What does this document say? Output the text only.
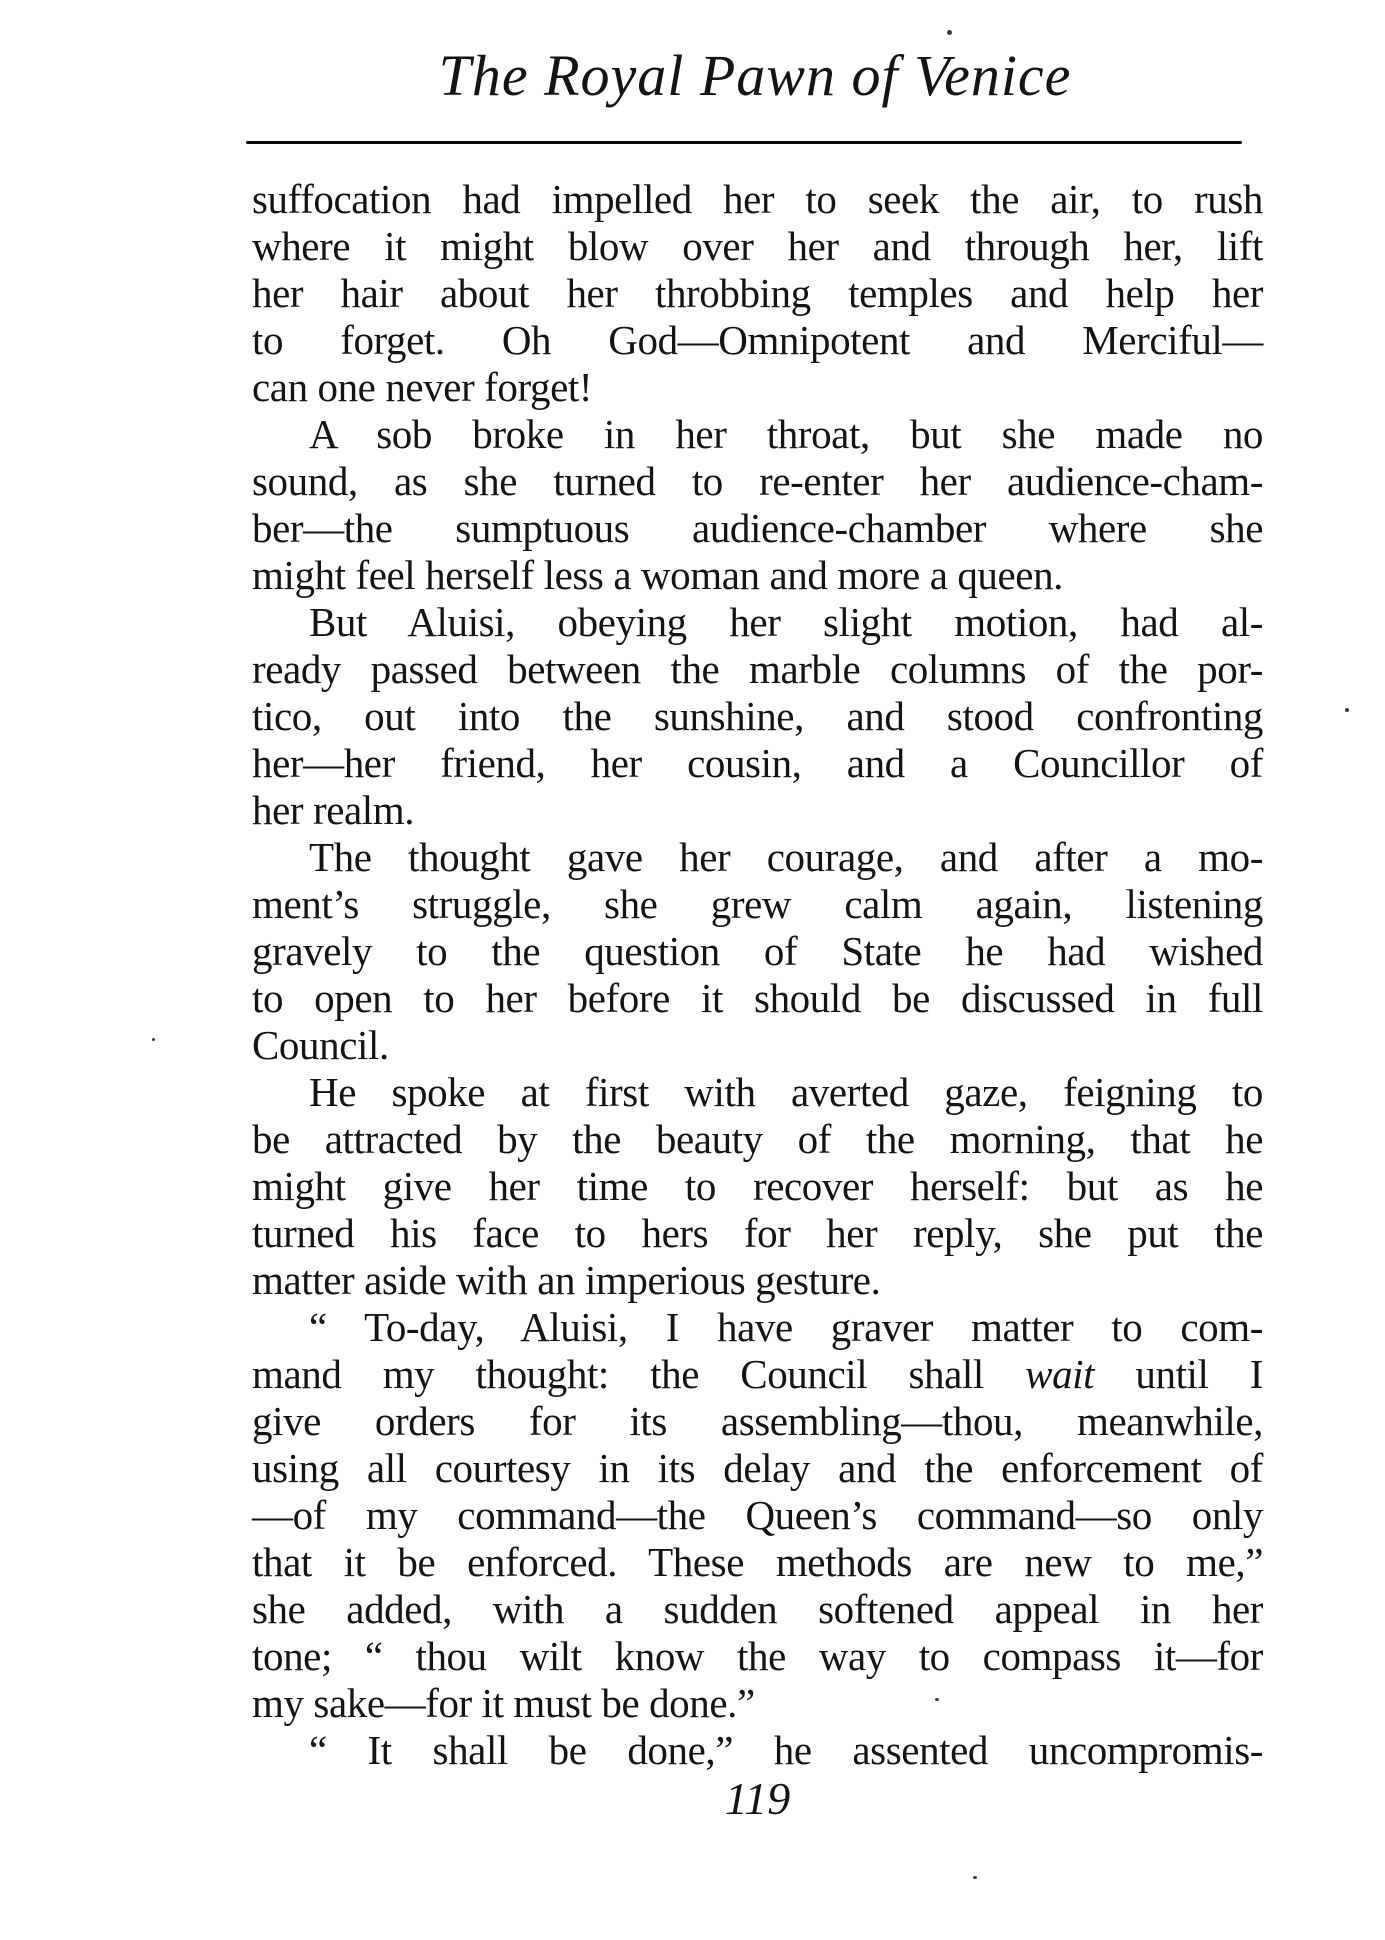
The Royal Pawn of Venice
suffocation had impelled her to seek the air, to rush
where it might blow over her and through her, lift
her hair about her throbbing temples and help her
to forget. Oh God—Omnipotent and Merciful—
can one never forget!
A sob broke in her throat, but she made no
sound, as she turned to re-enter her audience-cham-
ber—the sumptuous audience-chamber where she
might feel herself less a woman and more a queen.
But Aluisi, obeying her slight motion, had al-
ready passed between the marble columns of the por-
tico, out into the sunshine, and stood confronting
her—her friend, her cousin, and a Councillor of
her realm.
The thought gave her courage, and after a mo-
ment’s struggle, she grew calm again, listening
gravely to the question of State he had wished
to open to her before it should be discussed in full
Council.
He spoke at first with averted gaze, feigning to
be attracted by the beauty of the morning, that he
might give her time to recover herself: but as he
turned his face to hers for her reply, she put the
matter aside with an imperious gesture.
“ To-day, Aluisi, I have graver matter to com-
mand my thought: the Council shall wait until I
give orders for its assembling—thou, meanwhile,
using all courtesy in its delay and the enforcement of
—of my command—the Queen’s command—so only
that it be enforced. These methods are new to me,”
she added, with a sudden softened appeal in her
tone; “ thou wilt know the way to compass it—for
my sake—for it must be done.”
“ It shall be done,” he assented uncompromis-
119
